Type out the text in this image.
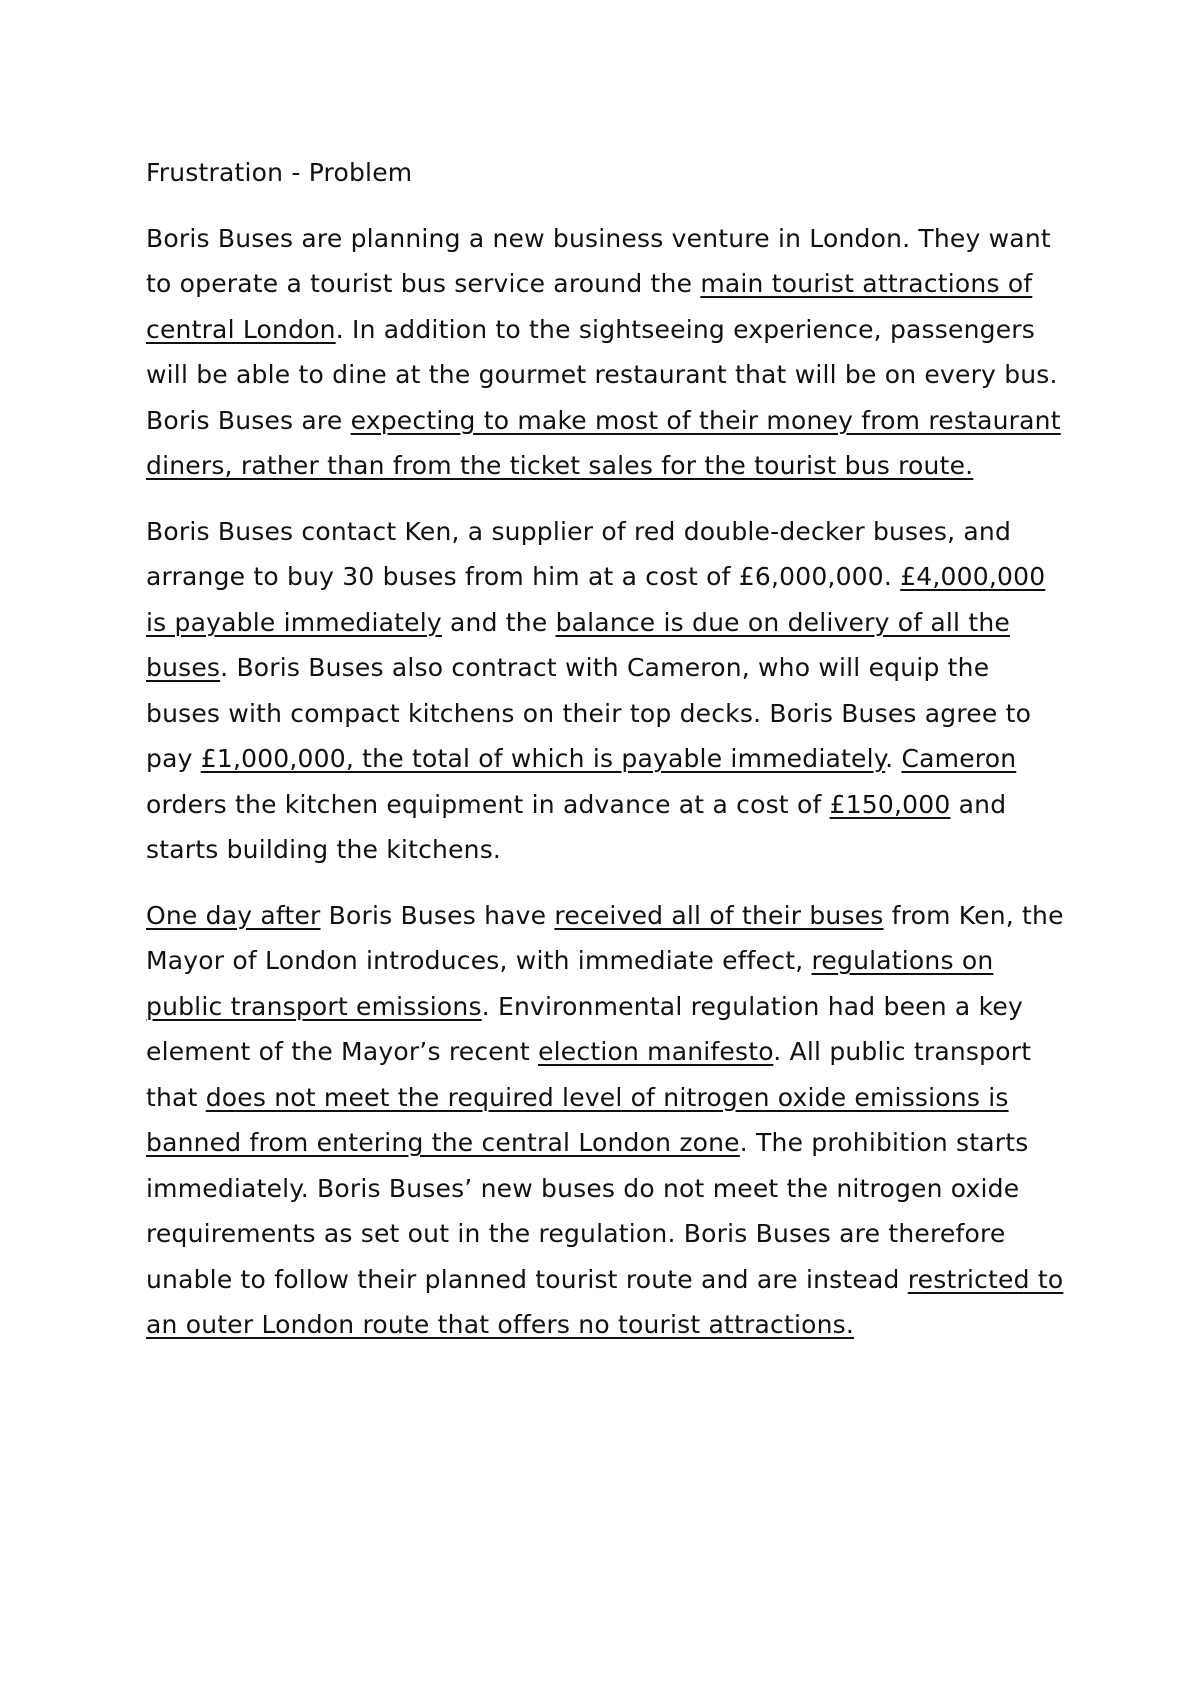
Frustration - Problem

Boris Buses are planning a new business venture in London. They want to operate a tourist bus service around the main tourist attractions of central London. In addition to the sightseeing experience, passengers will be able to dine at the gourmet restaurant that will be on every bus. Boris Buses are expecting to make most of their money from restaurant diners, rather than from the ticket sales for the tourist bus route.

Boris Buses contact Ken, a supplier of red double-decker buses, and arrange to buy 30 buses from him at a cost of £6,000,000. £4,000,000 is payable immediately and the balance is due on delivery of all the buses. Boris Buses also contract with Cameron, who will equip the buses with compact kitchens on their top decks. Boris Buses agree to pay £1,000,000, the total of which is payable immediately. Cameron orders the kitchen equipment in advance at a cost of £150,000 and starts building the kitchens.

One day after Boris Buses have received all of their buses from Ken, the Mayor of London introduces, with immediate effect, regulations on public transport emissions. Environmental regulation had been a key element of the Mayor’s recent election manifesto. All public transport that does not meet the required level of nitrogen oxide emissions is banned from entering the central London zone. The prohibition starts immediately. Boris Buses’ new buses do not meet the nitrogen oxide requirements as set out in the regulation. Boris Buses are therefore unable to follow their planned tourist route and are instead restricted to an outer London route that offers no tourist attractions.
